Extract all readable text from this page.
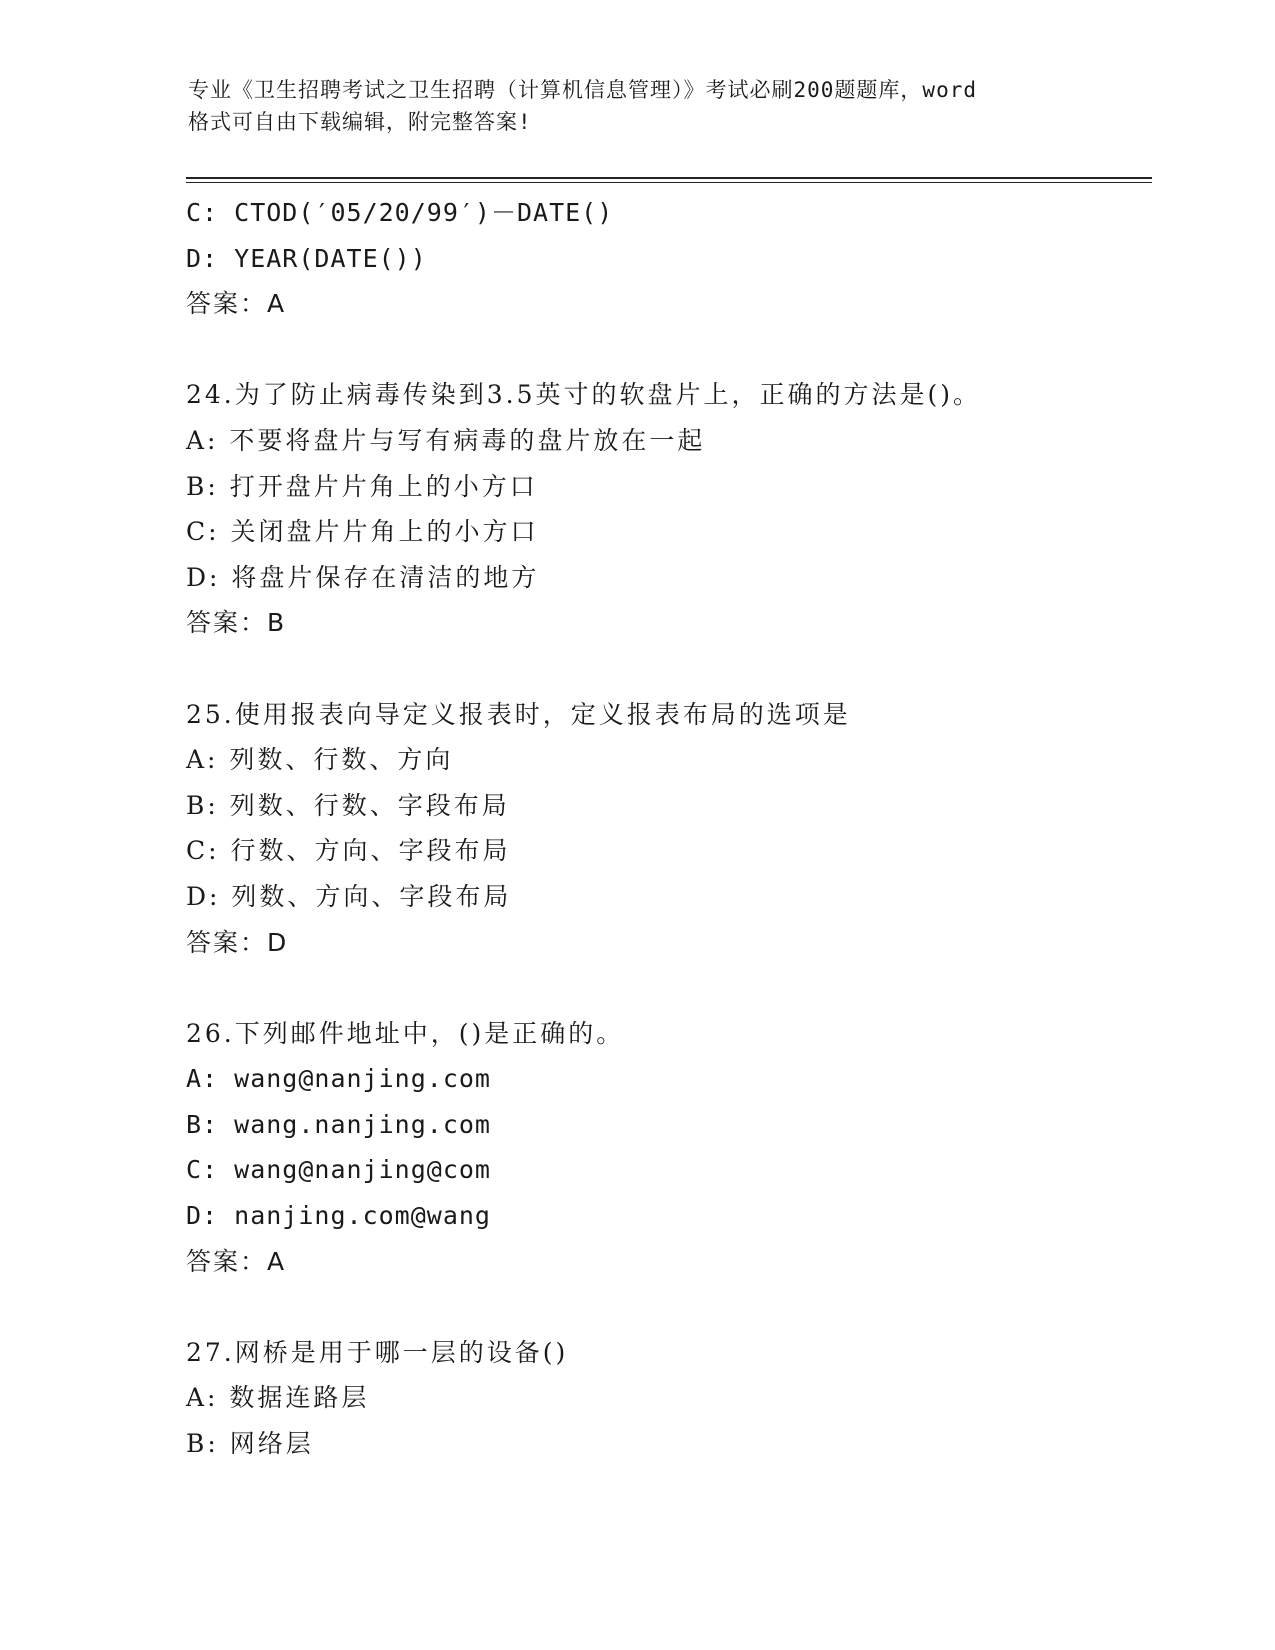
专业《卫生招聘考试之卫生招聘（计算机信息管理）》考试必刷200题题库，word
格式可自由下载编辑，附完整答案!
C: CTOD(′05/20/99′)－DATE()
D: YEAR(DATE())
答案：A
24.为了防止病毒传染到3.5英寸的软盘片上，正确的方法是()。
A: 不要将盘片与写有病毒的盘片放在一起
B: 打开盘片片角上的小方口
C: 关闭盘片片角上的小方口
D: 将盘片保存在清洁的地方
答案：B
25.使用报表向导定义报表时，定义报表布局的选项是
A: 列数、行数、方向
B: 列数、行数、字段布局
C: 行数、方向、字段布局
D: 列数、方向、字段布局
答案：D
26.下列邮件地址中，()是正确的。
A: wang@nanjing.com
B: wang.nanjing.com
C: wang@nanjing@com
D: nanjing.com@wang
答案：A
27.网桥是用于哪一层的设备()
A: 数据连路层
B: 网络层
